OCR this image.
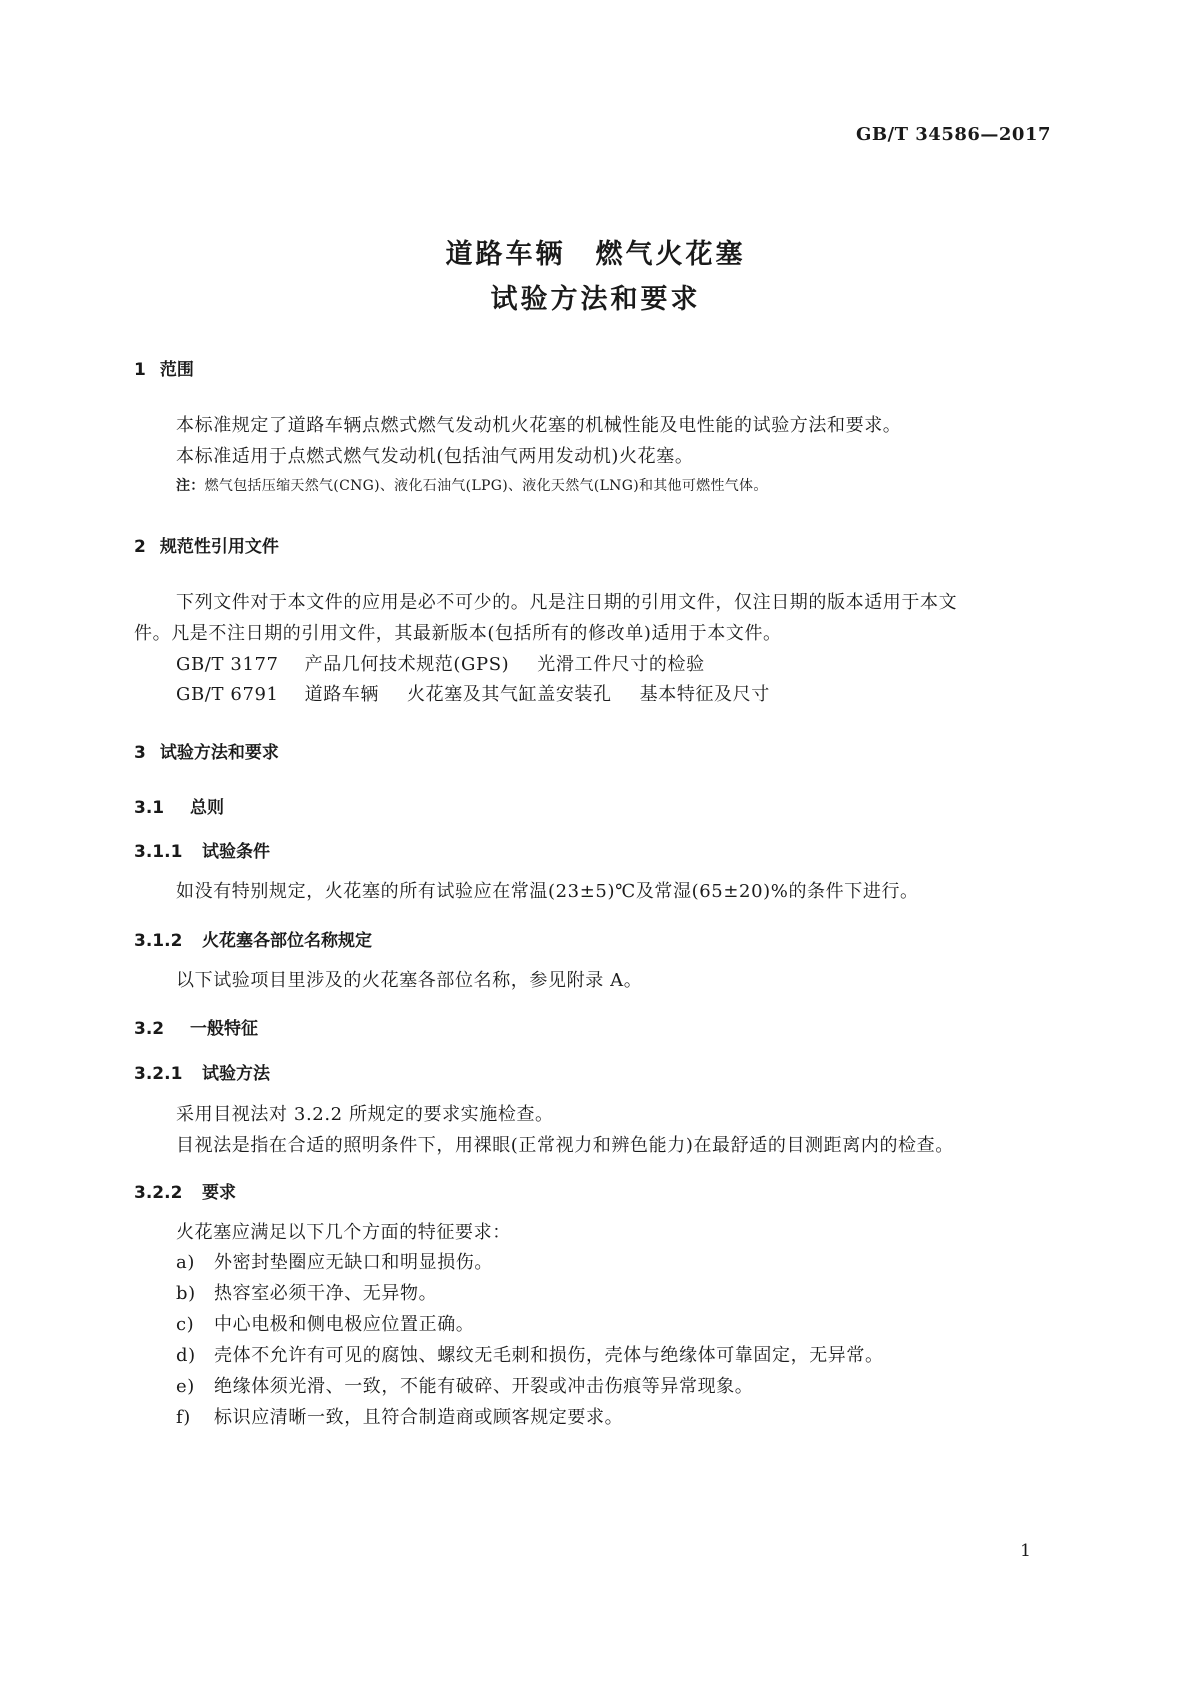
GB/T 34586—2017
道路车辆　燃气火花塞
试验方法和要求
1 范围
本标准规定了道路车辆点燃式燃气发动机火花塞的机械性能及电性能的试验方法和要求。
本标准适用于点燃式燃气发动机(包括油气两用发动机)火花塞。
注：燃气包括压缩天然气(CNG)、液化石油气(LPG)、液化天然气(LNG)和其他可燃性气体。
2 规范性引用文件
下列文件对于本文件的应用是必不可少的。凡是注日期的引用文件，仅注日期的版本适用于本文
件。凡是不注日期的引用文件，其最新版本(包括所有的修改单)适用于本文件。
GB/T 3177 产品几何技术规范(GPS) 光滑工件尺寸的检验
GB/T 6791 道路车辆 火花塞及其气缸盖安装孔 基本特征及尺寸
3 试验方法和要求
3.1 总则
3.1.1 试验条件
如没有特别规定，火花塞的所有试验应在常温(23±5)℃及常湿(65±20)%的条件下进行。
3.1.2 火花塞各部位名称规定
以下试验项目里涉及的火花塞各部位名称，参见附录 A。
3.2 一般特征
3.2.1 试验方法
采用目视法对 3.2.2 所规定的要求实施检查。
目视法是指在合适的照明条件下，用裸眼(正常视力和辨色能力)在最舒适的目测距离内的检查。
3.2.2 要求
火花塞应满足以下几个方面的特征要求：
a) 外密封垫圈应无缺口和明显损伤。
b) 热容室必须干净、无异物。
c) 中心电极和侧电极应位置正确。
d) 壳体不允许有可见的腐蚀、螺纹无毛刺和损伤，壳体与绝缘体可靠固定，无异常。
e) 绝缘体须光滑、一致，不能有破碎、开裂或冲击伤痕等异常现象。
f) 标识应清晰一致，且符合制造商或顾客规定要求。
1
